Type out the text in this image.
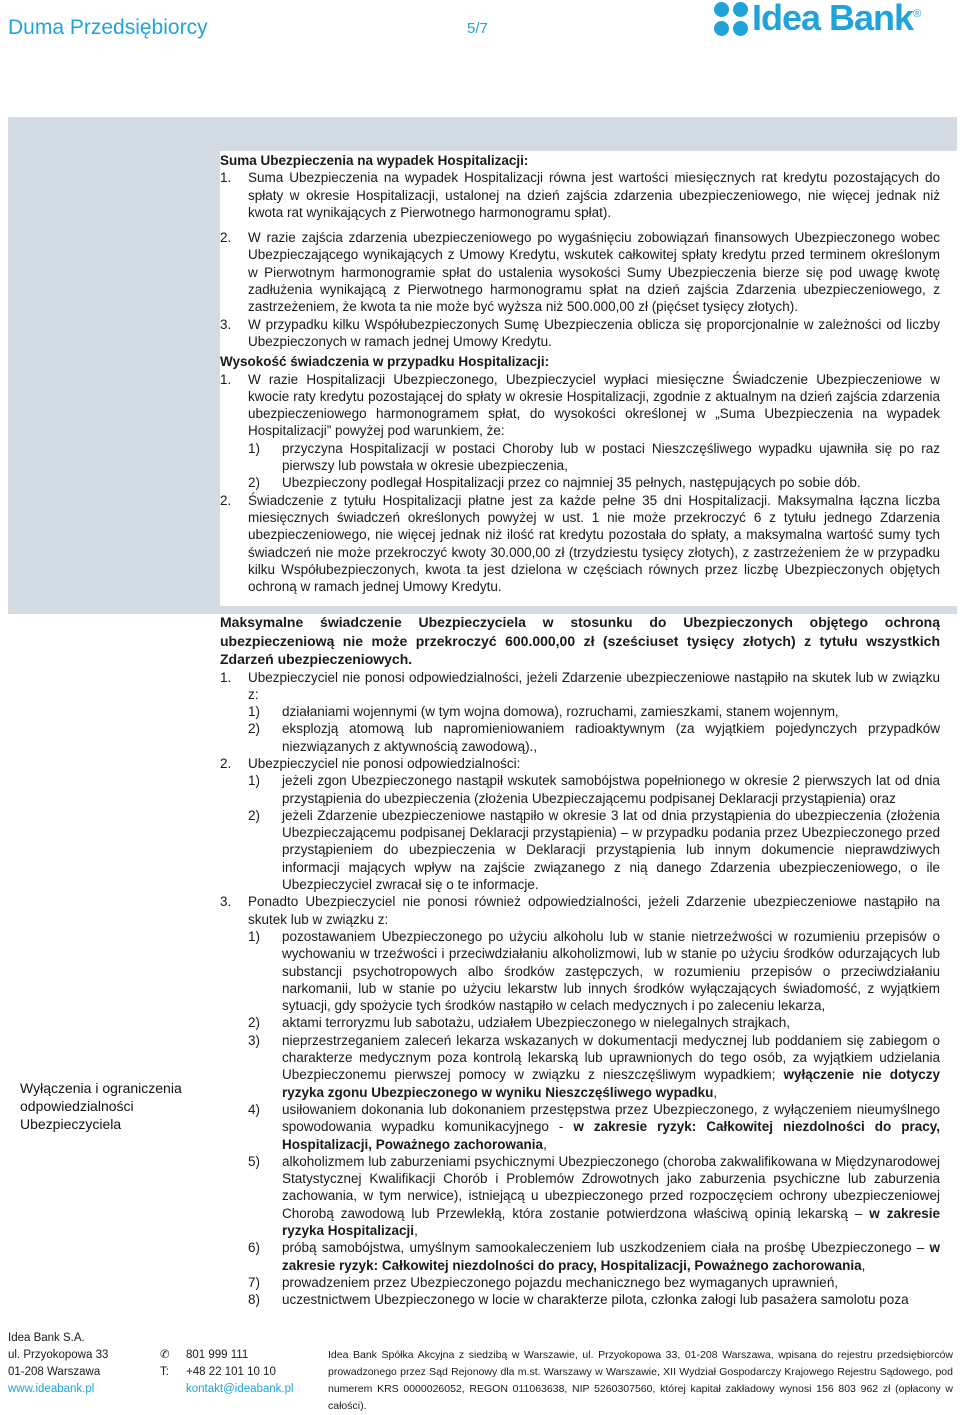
Duma Przedsiębiorcy	5/7	Idea Bank®
Wyłączenia i ograniczenia odpowiedzialności Ubezpieczyciela

Suma Ubezpieczenia na wypadek Hospitalizacji:

1. Suma Ubezpieczenia na wypadek Hospitalizacji równa jest wartości miesięcznych rat kredytu pozostających do spłaty w okresie Hospitalizacji, ustalonej na dzień zajścia zdarzenia ubezpieczeniowego, nie więcej jednak niż kwota rat wynikających z Pierwotnego harmonogramu spłat).
2. W razie zajścia zdarzenia ubezpieczeniowego po wygaśnięciu zobowiązań finansowych Ubezpieczonego wobec Ubezpieczającego wynikających z Umowy Kredytu, wskutek całkowitej spłaty kredytu przed terminem określonym w Pierwotnym harmonogramie spłat do ustalenia wysokości Sumy Ubezpieczenia bierze się pod uwagę kwotę zadłużenia wynikającą z Pierwotnego harmonogramu spłat na dzień zajścia Zdarzenia ubezpieczeniowego, z zastrzeżeniem, że kwota ta nie może być wyższa niż 500.000,00 zł (pięćset tysięcy złotych).
3. W przypadku kilku Współubezpieczonych Sumę Ubezpieczenia oblicza się proporcjonalnie w zależności od liczby Ubezpieczonych w ramach jednej Umowy Kredytu.

Wysokość świadczenia w przypadku Hospitalizacji:

1. W razie Hospitalizacji Ubezpieczonego, Ubezpieczyciel wypłaci miesięczne Świadczenie Ubezpieczeniowe w kwocie raty kredytu pozostającej do spłaty w okresie Hospitalizacji, zgodnie z aktualnym na dzień zajścia zdarzenia ubezpieczeniowego harmonogramem spłat, do wysokości określonej w „Suma Ubezpieczenia na wypadek Hospitalizacji” powyżej pod warunkiem, że:
1) przyczyna Hospitalizacji w postaci Choroby lub w postaci Nieszczęśliwego wypadku ujawniła się po raz pierwszy lub powstała w okresie ubezpieczenia,
2) Ubezpieczony podlegał Hospitalizacji przez co najmniej 35 pełnych, następujących po sobie dób.
2. Świadczenie z tytułu Hospitalizacji płatne jest za każde pełne 35 dni Hospitalizacji. Maksymalna łączna liczba miesięcznych świadczeń określonych powyżej w ust. 1 nie może przekroczyć 6 z tytułu jednego Zdarzenia ubezpieczeniowego, nie więcej jednak niż ilość rat kredytu pozostała do spłaty, a maksymalna wartość sumy tych świadczeń nie może przekroczyć kwoty 30.000,00 zł (trzydziestu tysięcy złotych), z zastrzeżeniem że w przypadku kilku Współubezpieczonych, kwota ta jest dzielona w częściach równych przez liczbę Ubezpieczonych objętych ochroną w ramach jednej Umowy Kredytu.

Maksymalne świadczenie Ubezpieczyciela w stosunku do Ubezpieczonych objętego ochroną ubezpieczeniową nie może przekroczyć 600.000,00 zł (sześciuset tysięcy złotych) z tytułu wszystkich Zdarzeń ubezpieczeniowych.

1. Ubezpieczyciel nie ponosi odpowiedzialności, jeżeli Zdarzenie ubezpieczeniowe nastąpiło na skutek lub w związku z:
1) działaniami wojennymi (w tym wojna domowa), rozruchami, zamieszkami, stanem wojennym,
2) eksplozją atomową lub napromieniowaniem radioaktywnym (za wyjątkiem pojedynczych przypadków niezwiązanych z aktywnością zawodową).,
2. Ubezpieczyciel nie ponosi odpowiedzialności:
1) jeżeli zgon Ubezpieczonego nastąpił wskutek samobójstwa popełnionego w okresie 2 pierwszych lat od dnia przystąpienia do ubezpieczenia (złożenia Ubezpieczającemu podpisanej Deklaracji przystąpienia) oraz
2) jeżeli Zdarzenie ubezpieczeniowe nastąpiło w okresie 3 lat od dnia przystąpienia do ubezpieczenia (złożenia Ubezpieczającemu podpisanej Deklaracji przystąpienia) – w przypadku podania przez Ubezpieczonego przed przystąpieniem do ubezpieczenia w Deklaracji przystąpienia lub innym dokumencie nieprawdziwych informacji mających wpływ na zajście związanego z nią danego Zdarzenia ubezpieczeniowego, o ile Ubezpieczyciel zwracał się o te informacje.
3. Ponadto Ubezpieczyciel nie ponosi również odpowiedzialności, jeżeli Zdarzenie ubezpieczeniowe nastąpiło na skutek lub w związku z:
1) pozostawaniem Ubezpieczonego po użyciu alkoholu lub w stanie nietrzeźwości w rozumieniu przepisów o wychowaniu w trzeźwości i przeciwdziałaniu alkoholizmowi, lub w stanie po użyciu środków odurzających lub substancji psychotropowych albo środków zastępczych, w rozumieniu przepisów o przeciwdziałaniu narkomanii, lub w stanie po użyciu lekarstw lub innych środków wyłączających świadomość, z wyjątkiem sytuacji, gdy spożycie tych środków nastąpiło w celach medycznych i po zaleceniu lekarza,
2) aktami terroryzmu lub sabotażu, udziałem Ubezpieczonego w nielegalnych strajkach,
3) nieprzestrzeganiem zaleceń lekarza wskazanych w dokumentacji medycznej lub poddaniem się zabiegom o charakterze medycznym poza kontrolą lekarską lub uprawnionych do tego osób, za wyjątkiem udzielania Ubezpieczonemu pierwszej pomocy w związku z nieszczęśliwym wypadkiem; wyłączenie nie dotyczy ryzyka zgonu Ubezpieczonego w wyniku Nieszczęśliwego wypadku,
4) usiłowaniem dokonania lub dokonaniem przestępstwa przez Ubezpieczonego, z wyłączeniem nieumyślnego spowodowania wypadku komunikacyjnego - w zakresie ryzyk: Całkowitej niezdolności do pracy, Hospitalizacji, Poważnego zachorowania,
5) alkoholizmem lub zaburzeniami psychicznymi Ubezpieczonego (choroba zakwalifikowana w Międzynarodowej Statystycznej Kwalifikacji Chorób i Problemów Zdrowotnych jako zaburzenia psychiczne lub zaburzenia zachowania, w tym nerwice), istniejącą u ubezpieczonego przed rozpoczęciem ochrony ubezpieczeniowej Chorobą zawodową lub Przewlekłą, która zostanie potwierdzona właściwą opinią lekarską – w zakresie ryzyka Hospitalizacji,
6) próbą samobójstwa, umyślnym samookaleczeniem lub uszkodzeniem ciała na prośbę Ubezpieczonego – w zakresie ryzyk: Całkowitej niezdolności do pracy, Hospitalizacji, Poważnego zachorowania,
7) prowadzeniem przez Ubezpieczonego pojazdu mechanicznego bez wymaganych uprawnień,
8) uczestnictwem Ubezpieczonego w locie w charakterze pilota, członka załogi lub pasażera samolotu poza
Idea Bank S.A.
ul. Przyokopowa 33
01-208 Warszawa
www.ideabank.pl
✆ 801 999 111
T: +48 22 101 10 10
kontakt@ideabank.pl
Idea Bank Spółka Akcyjna z siedzibą w Warszawie, ul. Przyokopowa 33, 01-208 Warszawa, wpisana do rejestru przedsiębiorców prowadzonego przez Sąd Rejonowy dla m.st. Warszawy w Warszawie, XII Wydział Gospodarczy Krajowego Rejestru Sądowego, pod numerem KRS 0000026052, REGON 011063638, NIP 5260307560, której kapitał zakładowy wynosi 156 803 962 zł (opłacony w całości).
